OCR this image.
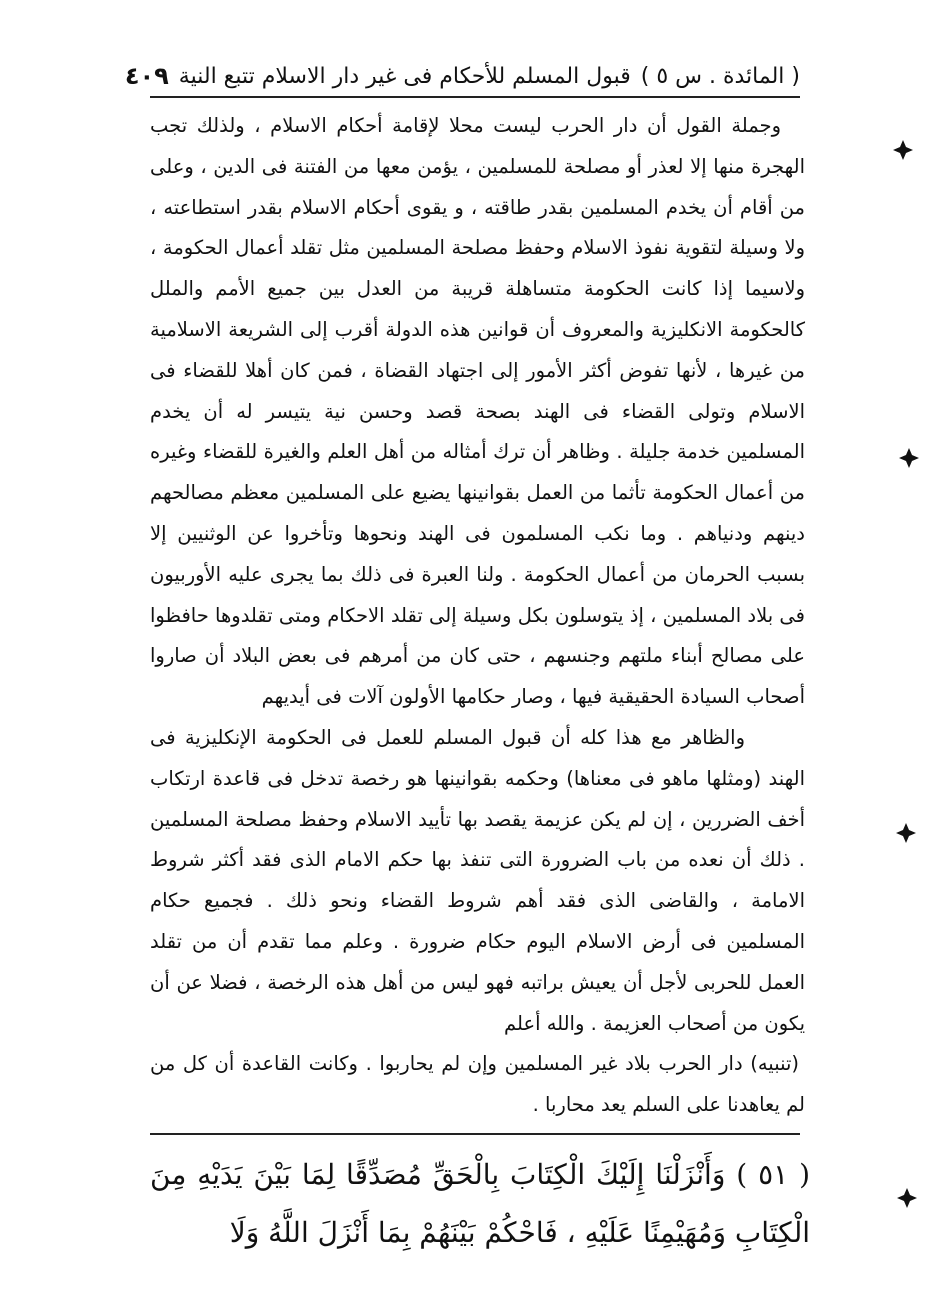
( المائدة . س ٥ )
قبول المسلم للأحكام فى غير دار الاسلام تتبع النية
٤٠٩

وجملة القول أن دار الحرب ليست محلا لإقامة أحكام الاسلام ، ولذلك تجب الهجرة منها إلا لعذر أو مصلحة للمسلمين ، يؤمن معها من الفتنة فى الدين ، وعلى من أقام أن يخدم المسلمين بقدر طاقته ، و يقوى أحكام الاسلام بقدر استطاعته ، ولا وسيلة لتقوية نفوذ الاسلام وحفظ مصلحة المسلمين مثل تقلد أعمال الحكومة ، ولاسيما إذا كانت الحكومة متساهلة قريبة من العدل بين جميع الأمم والملل كالحكومة الانكليزية والمعروف أن قوانين هذه الدولة أقرب إلى الشريعة الاسلامية من غيرها ، لأنها تفوض أكثر الأمور إلى اجتهاد القضاة ، فمن كان أهلا للقضاء فى الاسلام وتولى القضاء فى الهند بصحة قصد وحسن نية يتيسر له أن يخدم المسلمين خدمة جليلة . وظاهر أن ترك أمثاله من أهل العلم والغيرة للقضاء وغيره من أعمال الحكومة تأثما من العمل بقوانينها يضيع على المسلمين معظم مصالحهم دينهم ودنياهم . وما نكب المسلمون فى الهند ونحوها وتأخروا عن الوثنيين إلا بسبب الحرمان من أعمال الحكومة . ولنا العبرة فى ذلك بما يجرى عليه الأوربيون فى بلاد المسلمين ، إذ يتوسلون بكل وسيلة إلى تقلد الاحكام ومتى تقلدوها حافظوا على مصالح أبناء ملتهم وجنسهم ، حتى كان من أمرهم فى بعض البلاد أن صاروا أصحاب السيادة الحقيقية فيها ، وصار حكامها الأولون آلات فى أيديهم

والظاهر مع هذا كله أن قبول المسلم للعمل فى الحكومة الإنكليزية فى الهند (ومثلها ماهو فى معناها) وحكمه بقوانينها هو رخصة تدخل فى قاعدة ارتكاب أخف الضررين ، إن لم يكن عزيمة يقصد بها تأييد الاسلام وحفظ مصلحة المسلمين . ذلك أن نعده من باب الضرورة التى تنفذ بها حكم الامام الذى فقد أكثر شروط الامامة ، والقاضى الذى فقد أهم شروط القضاء ونحو ذلك . فجميع حكام المسلمين فى أرض الاسلام اليوم حكام ضرورة . وعلم مما تقدم أن من تقلد العمل للحربى لأجل أن يعيش براتبه فهو ليس من أهل هذه الرخصة ، فضلا عن أن يكون من أصحاب العزيمة . والله أعلم

(تنبيه) دار الحرب بلاد غير المسلمين وإن لم يحاربوا . وكانت القاعدة أن كل من لم يعاهدنا على السلم يعد محاربا .

( ٥١ ) وَأَنْزَلْنَا إِلَيْكَ الْكِتَابَ بِالْحَقِّ مُصَدِّقًا لِمَا بَيْنَ يَدَيْهِ مِنَ الْكِتَابِ وَمُهَيْمِنًا عَلَيْهِ ، فَاحْكُمْ بَيْنَهُمْ بِمَا أَنْزَلَ اللَّهُ وَلَا
